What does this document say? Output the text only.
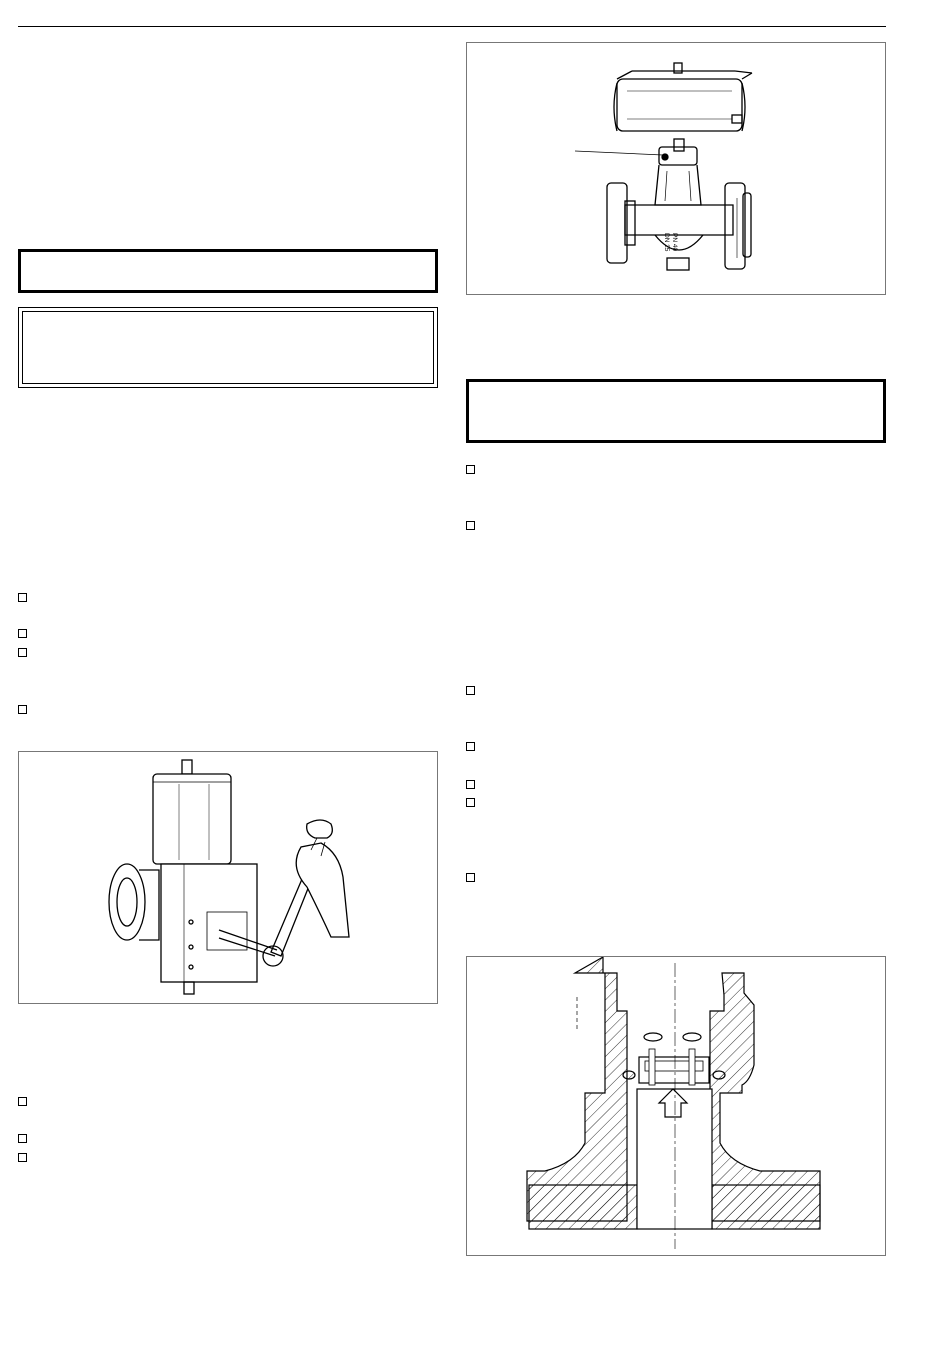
DN 25 PN 40
